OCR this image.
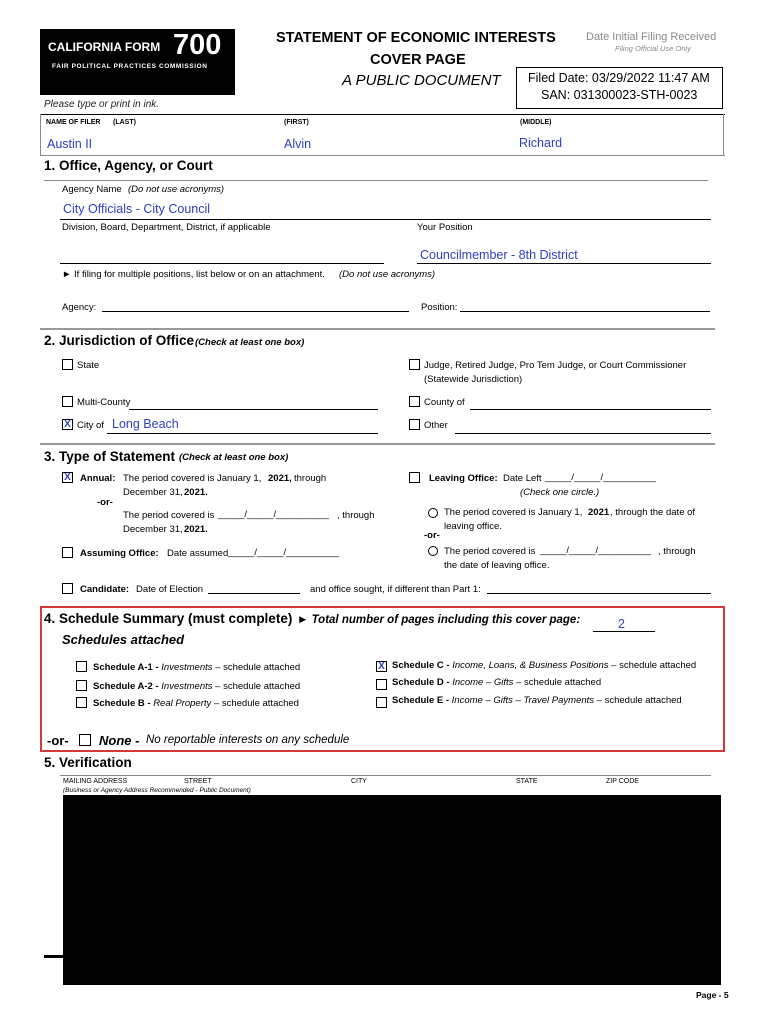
CALIFORNIA FORM 700
FAIR POLITICAL PRACTICES COMMISSION
STATEMENT OF ECONOMIC INTERESTS
COVER PAGE
A PUBLIC DOCUMENT
Date Initial Filing Received
Filing Official Use Only
Filed Date: 03/29/2022 11:47 AM
SAN: 031300023-STH-0023
Please type or print in ink.
NAME OF FILER (LAST)	(FIRST)	(MIDDLE)
Austin II	Alvin	Richard
1. Office, Agency, or Court
Agency Name (Do not use acronyms)
City Officials - City Council
Division, Board, Department, District, if applicable	Your Position
Councilmember - 8th District
► If filing for multiple positions, list below or on an attachment. (Do not use acronyms)
Agency:	Position:
2. Jurisdiction of Office (Check at least one box)
State	Judge, Retired Judge, Pro Tem Judge, or Court Commissioner
(Statewide Jurisdiction)
Multi-County	County of
X City of Long Beach	Other
3. Type of Statement (Check at least one box)
X Annual: The period covered is January 1, 2021, through
December 31, 2021.
-or-
The period covered is _____/_____/__________ , through
December 31, 2021.
Leaving Office: Date Left _____/_____/__________
(Check one circle.)
The period covered is January 1, 2021 , through the date of
leaving office.
-or-
The period covered is _____/_____/__________ , through
the date of leaving office.
Assuming Office: Date assumed _____/_____/__________
Candidate: Date of Election	and office sought, if different than Part 1:
4. Schedule Summary (must complete) ► Total number of pages including this cover page:	2
Schedules attached
Schedule A-1 - Investments – schedule attached
Schedule A-2 - Investments – schedule attached
Schedule B - Real Property – schedule attached
X Schedule C - Income, Loans, & Business Positions – schedule attached
Schedule D - Income – Gifts – schedule attached
Schedule E - Income – Gifts – Travel Payments – schedule attached
-or- None - No reportable interests on any schedule
5. Verification
MAILING ADDRESS	STREET	CITY	STATE	ZIP CODE
(Business or Agency Address Recommended - Public Document)
Page - 5
